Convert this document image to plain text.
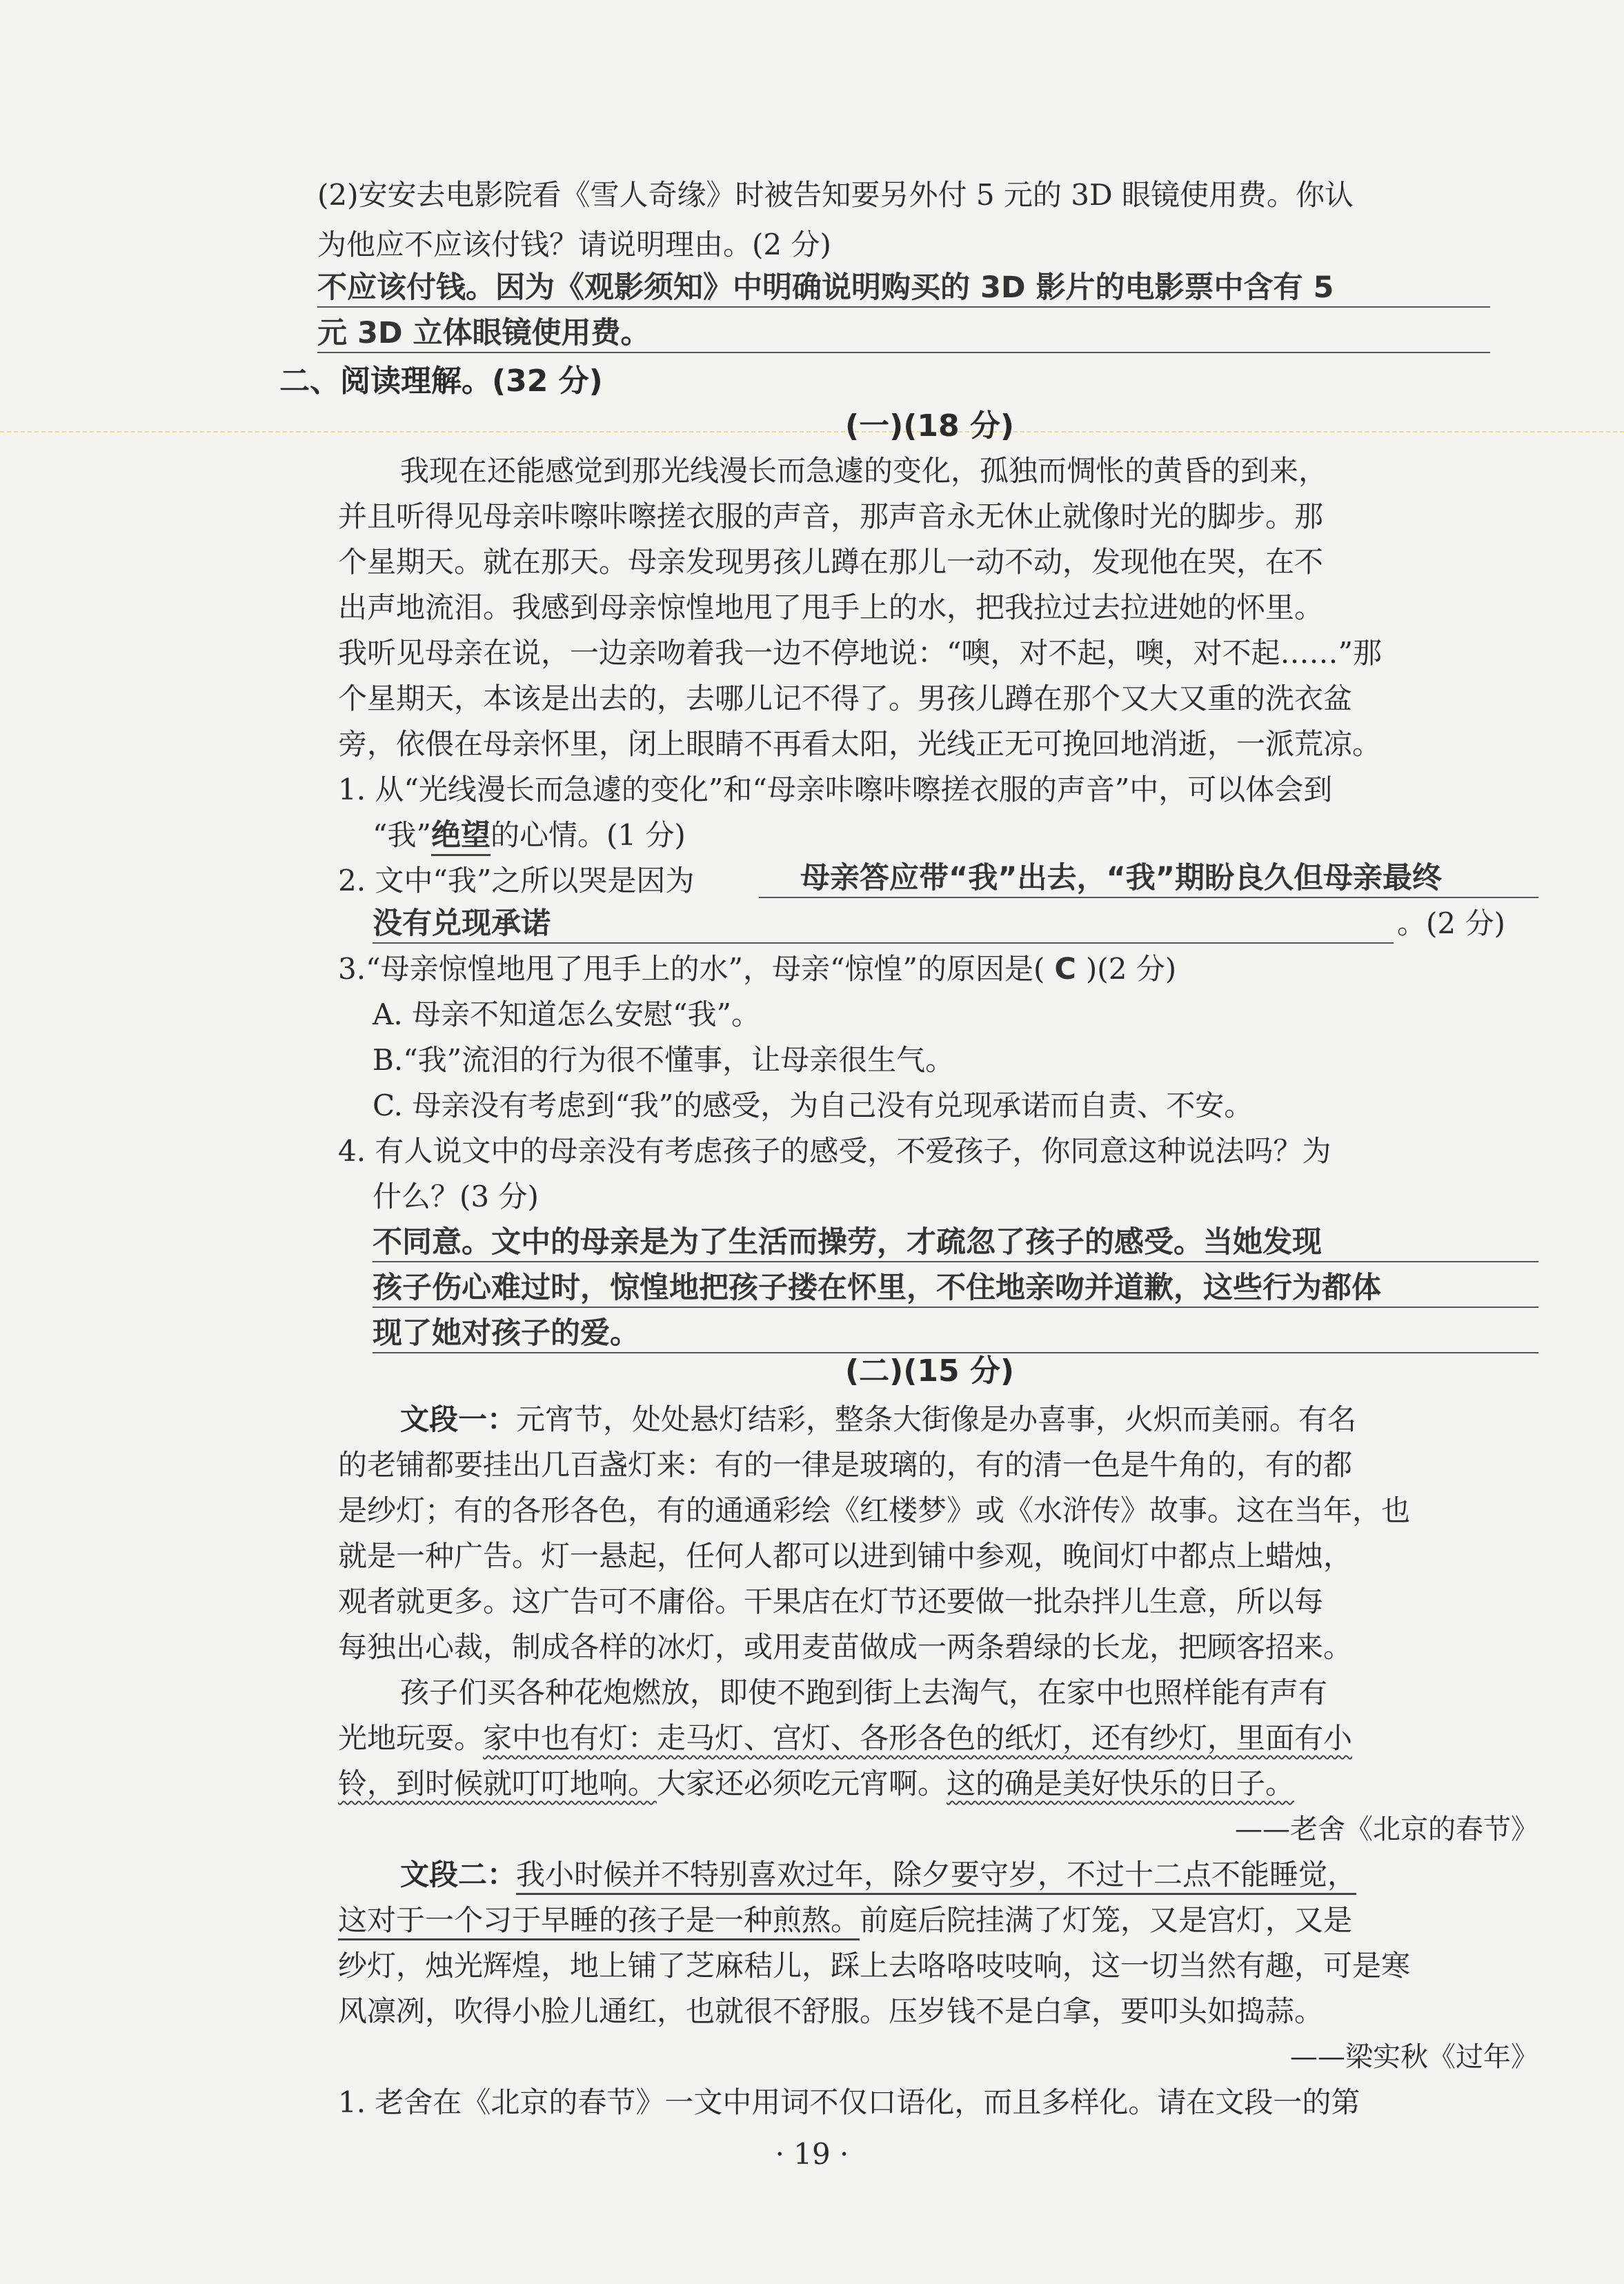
(2)安安去电影院看《雪人奇缘》时被告知要另外付 5 元的 3D 眼镜使用费。你认
为他应不应该付钱？请说明理由。(2 分)
不应该付钱。因为《观影须知》中明确说明购买的 3D 影片的电影票中含有 5
元 3D 立体眼镜使用费。
二、阅读理解。(32 分)
(一)(18 分)
我现在还能感觉到那光线漫长而急遽的变化，孤独而惆怅的黄昏的到来，
并且听得见母亲咔嚓咔嚓搓衣服的声音，那声音永无休止就像时光的脚步。那
个星期天。就在那天。母亲发现男孩儿蹲在那儿一动不动，发现他在哭，在不
出声地流泪。我感到母亲惊惶地甩了甩手上的水，把我拉过去拉进她的怀里。
我听见母亲在说，一边亲吻着我一边不停地说：“噢，对不起，噢，对不起……”那
个星期天，本该是出去的，去哪儿记不得了。男孩儿蹲在那个又大又重的洗衣盆
旁，依偎在母亲怀里，闭上眼睛不再看太阳，光线正无可挽回地消逝，一派荒凉。
1. 从“光线漫长而急遽的变化”和“母亲咔嚓咔嚓搓衣服的声音”中，可以体会到
“我”绝望的心情。(1 分)
2. 文中“我”之所以哭是因为	母亲答应带“我”出去，“我”期盼良久但母亲最终
没有兑现承诺	。(2 分)
3.“母亲惊惶地甩了甩手上的水”，母亲“惊惶”的原因是( C )(2 分)
A. 母亲不知道怎么安慰“我”。
B.“我”流泪的行为很不懂事，让母亲很生气。
C. 母亲没有考虑到“我”的感受，为自己没有兑现承诺而自责、不安。
4. 有人说文中的母亲没有考虑孩子的感受，不爱孩子，你同意这种说法吗？为
什么？(3 分)
不同意。文中的母亲是为了生活而操劳，才疏忽了孩子的感受。当她发现
孩子伤心难过时，惊惶地把孩子搂在怀里，不住地亲吻并道歉，这些行为都体
现了她对孩子的爱。
(二)(15 分)
文段一：元宵节，处处悬灯结彩，整条大街像是办喜事，火炽而美丽。有名
的老铺都要挂出几百盏灯来：有的一律是玻璃的，有的清一色是牛角的，有的都
是纱灯；有的各形各色，有的通通彩绘《红楼梦》或《水浒传》故事。这在当年，也
就是一种广告。灯一悬起，任何人都可以进到铺中参观，晚间灯中都点上蜡烛，
观者就更多。这广告可不庸俗。干果店在灯节还要做一批杂拌儿生意，所以每
每独出心裁，制成各样的冰灯，或用麦苗做成一两条碧绿的长龙，把顾客招来。
孩子们买各种花炮燃放，即使不跑到街上去淘气，在家中也照样能有声有
光地玩耍。家中也有灯：走马灯、宫灯、各形各色的纸灯，还有纱灯，里面有小
铃，到时候就叮叮地响。大家还必须吃元宵啊。这的确是美好快乐的日子。
——老舍《北京的春节》
文段二：我小时候并不特别喜欢过年，除夕要守岁，不过十二点不能睡觉，
这对于一个习于早睡的孩子是一种煎熬。前庭后院挂满了灯笼，又是宫灯，又是
纱灯，烛光辉煌，地上铺了芝麻秸儿，踩上去咯咯吱吱响，这一切当然有趣，可是寒
风凛冽，吹得小脸儿通红，也就很不舒服。压岁钱不是白拿，要叩头如捣蒜。
——梁实秋《过年》
1. 老舍在《北京的春节》一文中用词不仅口语化，而且多样化。请在文段一的第
· 19 ·
